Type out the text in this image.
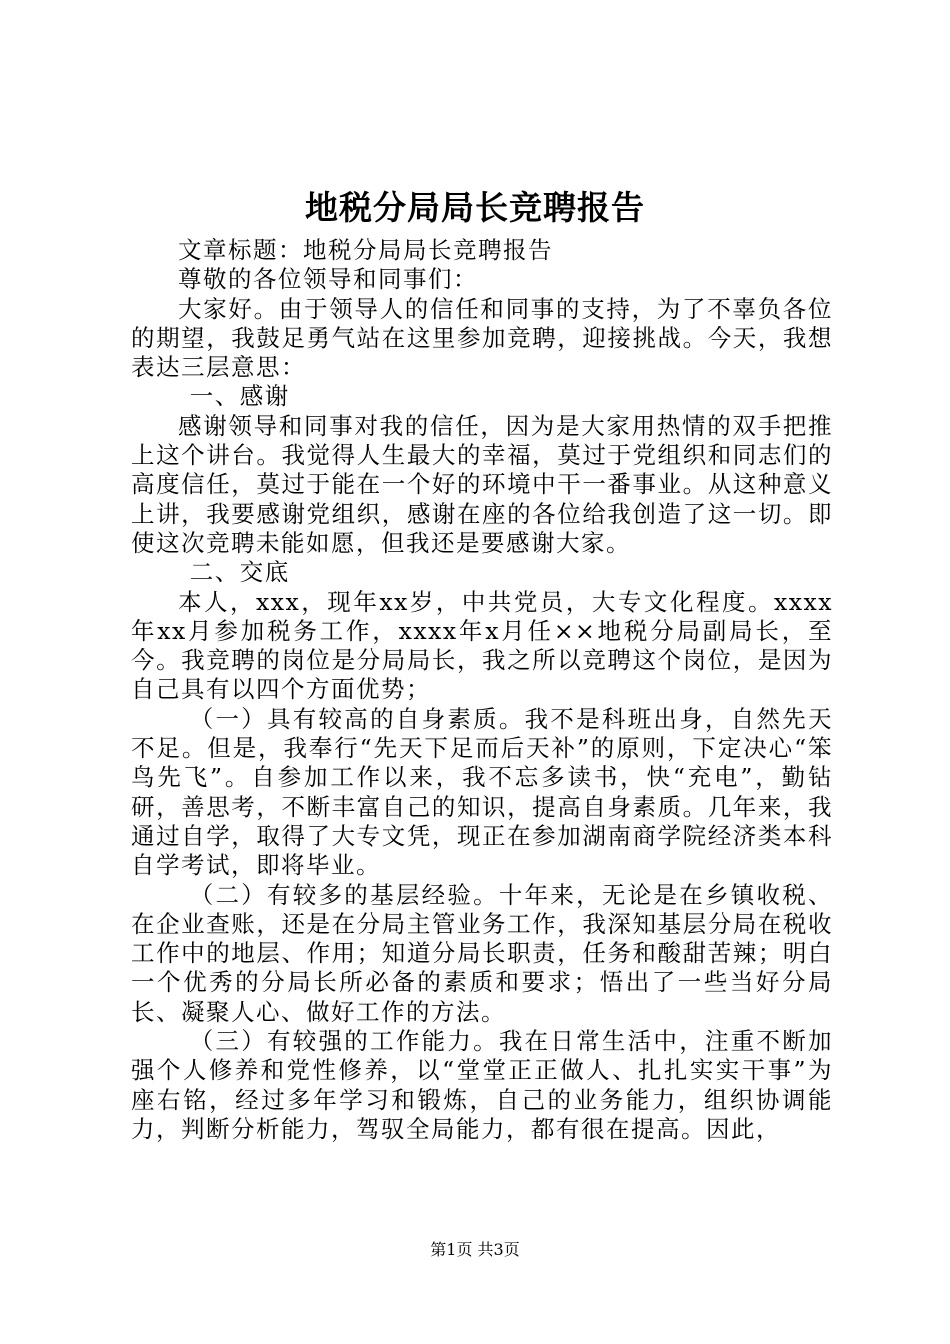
地税分局局长竞聘报告

文章标题：地税分局局长竞聘报告

尊敬的各位领导和同事们：

大家好。由于领导人的信任和同事的支持，为了不辜负各位的期望，我鼓足勇气站在这里参加竞聘，迎接挑战。今天，我想表达三层意思：

一、感谢

感谢领导和同事对我的信任，因为是大家用热情的双手把推上这个讲台。我觉得人生最大的幸福，莫过于党组织和同志们的高度信任，莫过于能在一个好的环境中干一番事业。从这种意义上讲，我要感谢党组织，感谢在座的各位给我创造了这一切。即使这次竞聘未能如愿，但我还是要感谢大家。

二、交底

本人，xxx，现年xx岁，中共党员，大专文化程度。xxxx年xx月参加税务工作，xxxx年x月任××地税分局副局长，至今。我竞聘的岗位是分局局长，我之所以竞聘这个岗位，是因为自己具有以四个方面优势；

（一）具有较高的自身素质。我不是科班出身，自然先天不足。但是，我奉行“先天下足而后天补”的原则，下定决心“笨鸟先飞”。自参加工作以来，我不忘多读书，快“充电”，勤钻研，善思考，不断丰富自己的知识，提高自身素质。几年来，我通过自学，取得了大专文凭，现正在参加湖南商学院经济类本科自学考试，即将毕业。

（二）有较多的基层经验。十年来，无论是在乡镇收税、在企业查账，还是在分局主管业务工作，我深知基层分局在税收工作中的地层、作用；知道分局长职责，任务和酸甜苦辣；明白一个优秀的分局长所必备的素质和要求；悟出了一些当好分局长、凝聚人心、做好工作的方法。

（三）有较强的工作能力。我在日常生活中，注重不断加强个人修养和党性修养，以“堂堂正正做人、扎扎实实干事”为座右铭，经过多年学习和锻炼，自己的业务能力，组织协调能力，判断分析能力，驾驭全局能力，都有很在提高。因此，

第1页 共3页
